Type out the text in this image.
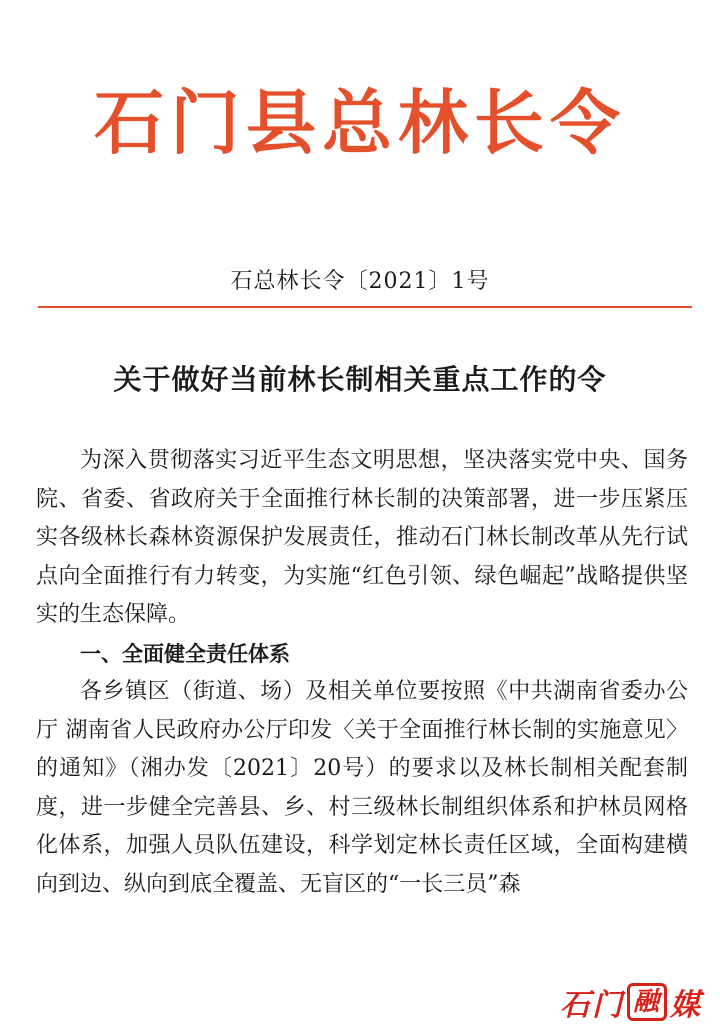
石门县总林长令
石总林长令〔2021〕1号
关于做好当前林长制相关重点工作的令

为深入贯彻落实习近平生态文明思想，坚决落实党中央、国务院、省委、省政府关于全面推行林长制的决策部署，进一步压紧压实各级林长森林资源保护发展责任，推动石门林长制改革从先行试点向全面推行有力转变，为实施“红色引领、绿色崛起”战略提供坚实的生态保障。

一、全面健全责任体系

各乡镇区（街道、场）及相关单位要按照《中共湖南省委办公厅 湖南省人民政府办公厅印发〈关于全面推行林长制的实施意见〉的通知》（湘办发〔2021〕20号）的要求以及林长制相关配套制度，进一步健全完善县、乡、村三级林长制组织体系和护林员网格化体系，加强人员队伍建设，科学划定林长责任区域，全面构建横向到边、纵向到底全覆盖、无盲区的“一长三员”森

石门 融 媒
